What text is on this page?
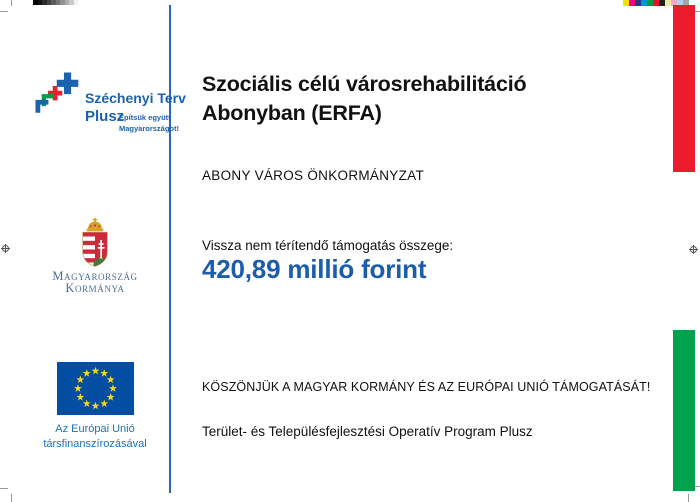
Széchenyi Terv
Plusz
Építsük együtt
Magyarországot!
Magyarország
Kormánya
Az Európai Unió
társfinanszírozásával
Szociális célú városrehabilitáció
Abonyban (ERFA)
ABONY VÁROS ÖNKORMÁNYZAT
Vissza nem térítendő támogatás összege:
420,89 millió forint
KÖSZÖNJÜK A MAGYAR KORMÁNY ÉS AZ EURÓPAI UNIÓ TÁMOGATÁSÁT!
Terület- és Településfejlesztési Operatív Program Plusz
